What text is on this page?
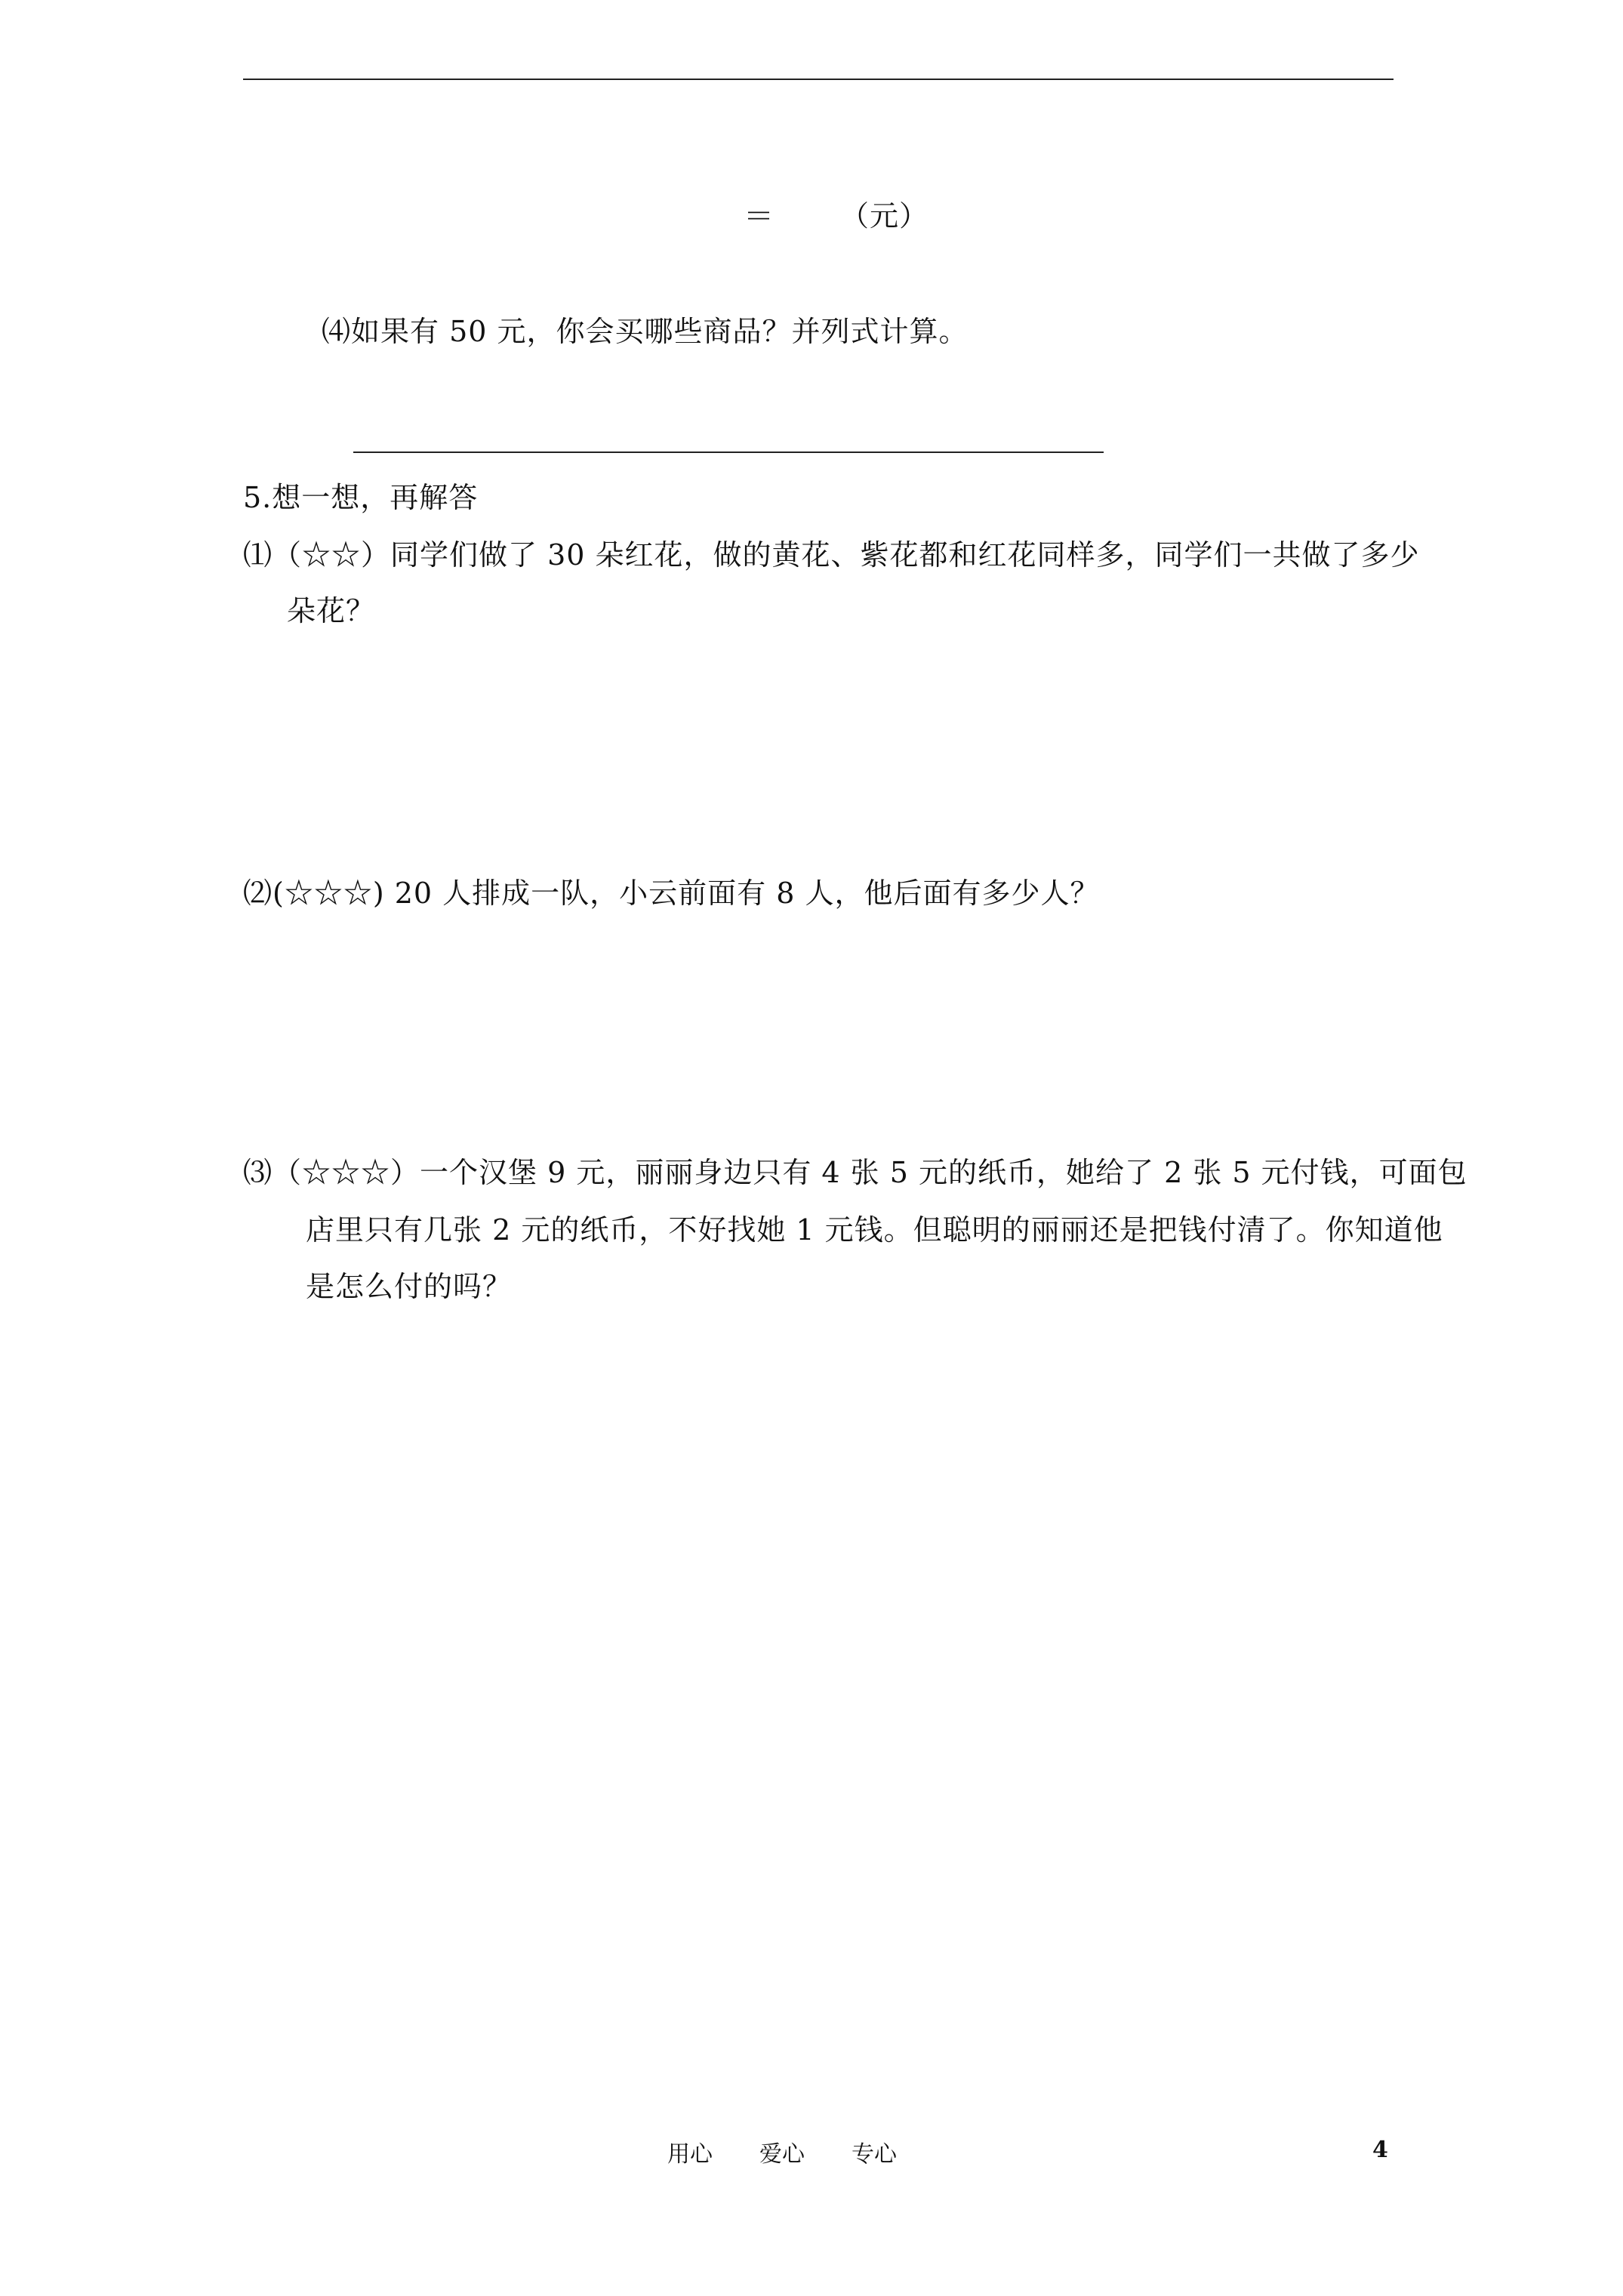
＝ （元）
⑷如果有 50 元，你会买哪些商品？并列式计算。
5.想一想，再解答
⑴（☆☆）同学们做了 30 朵红花，做的黄花、紫花都和红花同样多，同学们一共做了多少
朵花？
⑵(☆☆☆) 20 人排成一队，小云前面有 8 人，他后面有多少人？
⑶（☆☆☆）一个汉堡 9 元，丽丽身边只有 4 张 5 元的纸币，她给了 2 张 5 元付钱，可面包
店里只有几张 2 元的纸币，不好找她 1 元钱。但聪明的丽丽还是把钱付清了。你知道他
是怎么付的吗？
用心 爱心 专心	4
